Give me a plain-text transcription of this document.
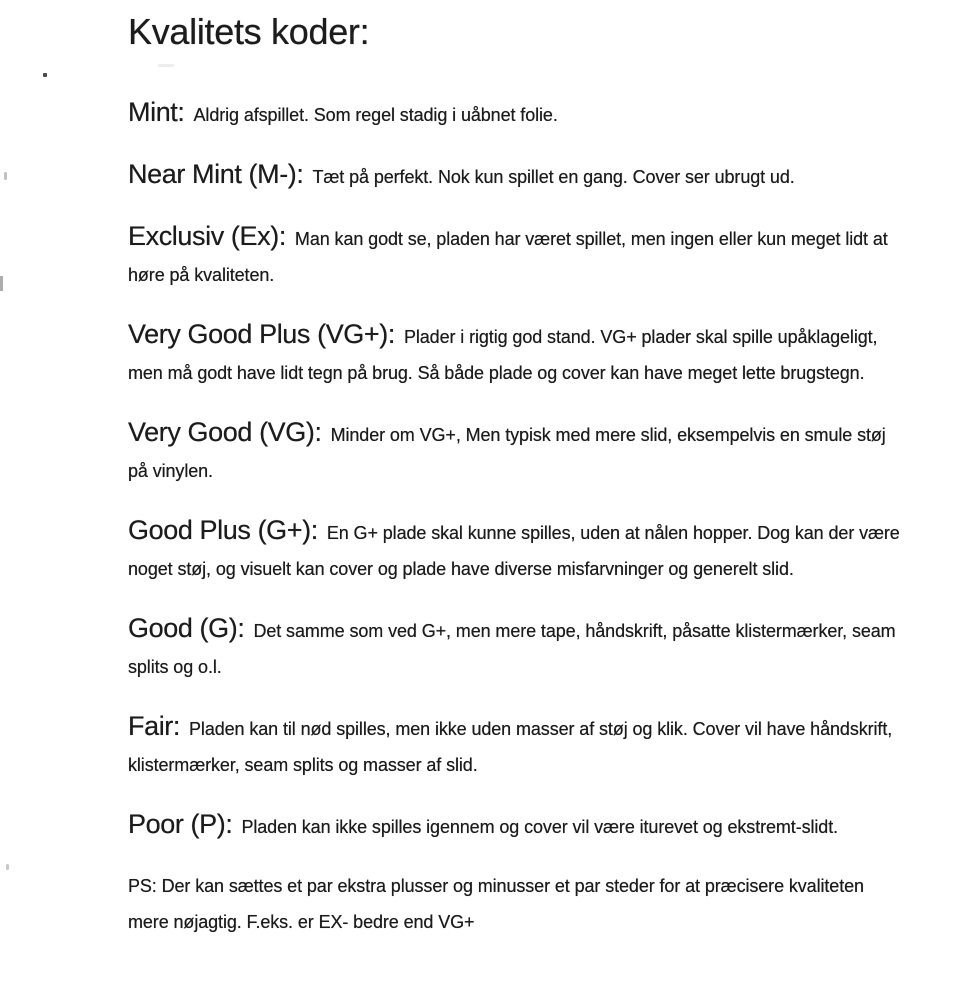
Kvalitets koder:

Mint: Aldrig afspillet. Som regel stadig i uåbnet folie.

Near Mint (M-): Tæt på perfekt. Nok kun spillet en gang. Cover ser ubrugt ud.

Exclusiv (Ex): Man kan godt se, pladen har været spillet, men ingen eller kun meget lidt at høre på kvaliteten.

Very Good Plus (VG+): Plader i rigtig god stand. VG+ plader skal spille upåklageligt, men må godt have lidt tegn på brug. Så både plade og cover kan have meget lette brugstegn.

Very Good (VG): Minder om VG+, Men typisk med mere slid, eksempelvis en smule støj på vinylen.

Good Plus (G+): En G+ plade skal kunne spilles, uden at nålen hopper. Dog kan der være noget støj, og visuelt kan cover og plade have diverse misfarvninger og generelt slid.

Good (G): Det samme som ved G+, men mere tape, håndskrift, påsatte klistermærker, seam splits og o.l.

Fair: Pladen kan til nød spilles, men ikke uden masser af støj og klik. Cover vil have håndskrift, klistermærker, seam splits og masser af slid.

Poor (P): Pladen kan ikke spilles igennem og cover vil være iturevet og ekstremt-slidt.

PS: Der kan sættes et par ekstra plusser og minusser et par steder for at præcisere kvaliteten mere nøjagtig. F.eks. er EX- bedre end VG+
